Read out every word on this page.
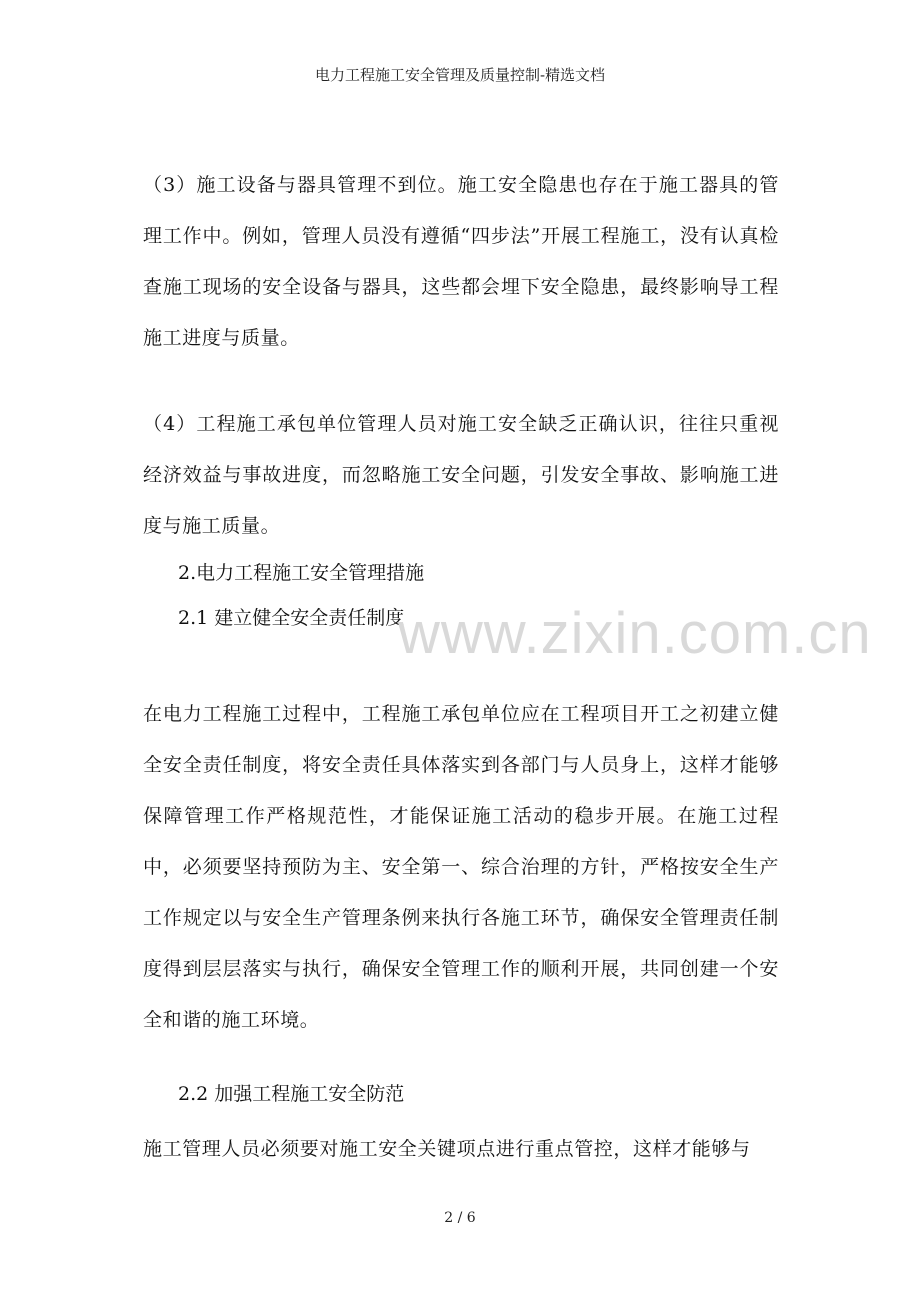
电力工程施工安全管理及质量控制-精选文档

（3）施工设备与器具管理不到位。施工安全隐患也存在于施工器具的管理工作中。例如，管理人员没有遵循“四步法”开展工程施工，没有认真检查施工现场的安全设备与器具，这些都会埋下安全隐患，最终影响导工程施工进度与质量。

（4）工程施工承包单位管理人员对施工安全缺乏正确认识，往往只重视经济效益与事故进度，而忽略施工安全问题，引发安全事故、影响施工进度与施工质量。

2.电力工程施工安全管理措施

2.1 建立健全安全责任制度

在电力工程施工过程中，工程施工承包单位应在工程项目开工之初建立健全安全责任制度，将安全责任具体落实到各部门与人员身上，这样才能够保障管理工作严格规范性，才能保证施工活动的稳步开展。在施工过程中，必须要坚持预防为主、安全第一、综合治理的方针，严格按安全生产工作规定以与安全生产管理条例来执行各施工环节，确保安全管理责任制度得到层层落实与执行，确保安全管理工作的顺利开展，共同创建一个安全和谐的施工环境。

2.2 加强工程施工安全防范

施工管理人员必须要对施工安全关键项点进行重点管控，这样才能够与

www.zixin.com.cn
2 / 6
